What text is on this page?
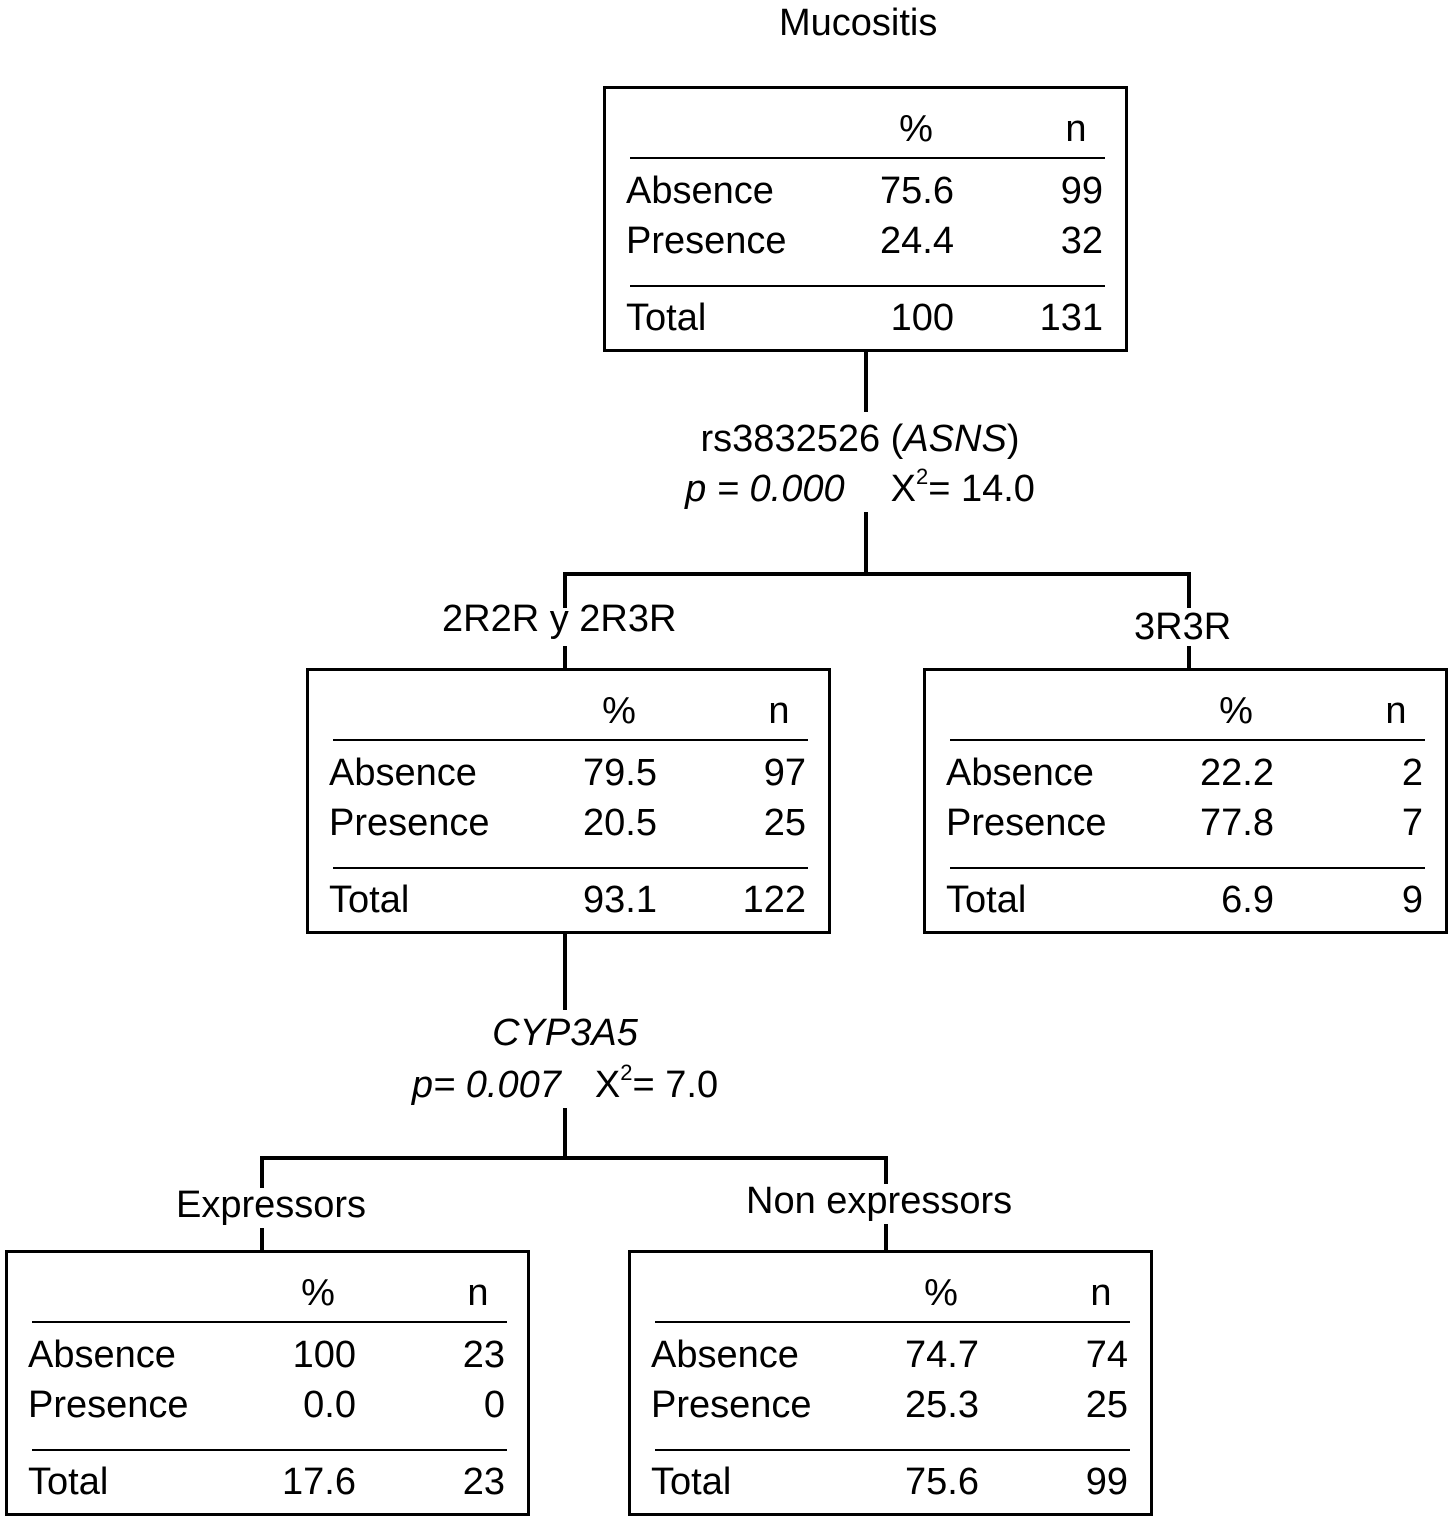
Mucositis
rs3832526 (ASNS)
p = 0.000 $X^2= 14.0$
2R2R y 2R3R	3R3R
CYP3A5
p= 0.007 $X^2= 7.0$
Expressors	Non expressors
%	n
Absence	75.6	99
Presence	24.4	32
Total	100	131
%	n
Absence	79.5	97
Presence	20.5	25
Total	93.1	122
%	n
Absence	22.2	2
Presence	77.8	7
Total	6.9	9
%	n
Absence	100	23
Presence	0.0	0
Total	17.6	23
%	n
Absence	74.7	74
Presence	25.3	25
Total	75.6	99
